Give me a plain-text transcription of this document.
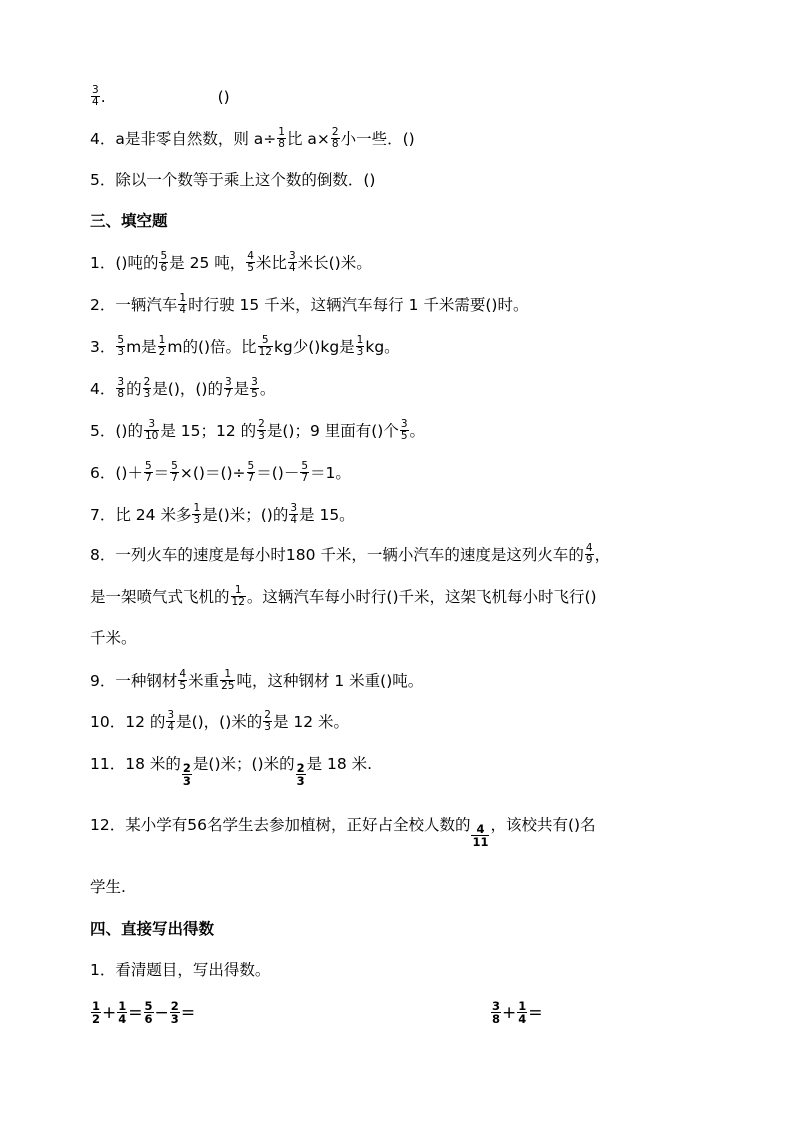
$\frac{3}{4}$ .	()
4．a是非零自然数，则 $a\div \frac{1}{8}$ 比 $a\times \frac{2}{8}$ 小一些．()
5．除以一个数等于乘上这个数的倒数．()
三、填空题
1．()吨的 $\frac{5}{6}$ 是 25 吨， $\frac{4}{5}$ 米比 $\frac{3}{4}$ 米长()米。
2．一辆汽车 $\frac{1}{4}$ 时行驶 15 千米，这辆汽车每行 1 千米需要()时。
3． $\frac{5}{3}$ m是 $\frac{1}{2}$ m的()倍。比 $\frac{5}{12}$ kg少()kg是 $\frac{1}{3}$ kg。
4． $\frac{3}{8}$ 的 $\frac{2}{3}$ 是()，()的 $\frac{3}{7}$ 是 $\frac{3}{5}$ 。
5．()的 $\frac{3}{10}$ 是 15；12 的 $\frac{2}{3}$ 是()；9 里面有()个 $\frac{3}{5}$ 。
6．()＋ $\frac{5}{7} = \frac{5}{7}$ ×()＝()÷ $\frac{5}{7}$ ＝()－ $\frac{5}{7} =1$。
7．比 24 米多 $\frac{1}{3}$ 是()米；()的 $\frac{3}{4}$ 是 15。
8．一列火车的速度是每小时180 千米，一辆小汽车的速度是这列火车的 $\frac{4}{9}$ ，
是一架喷气式飞机的 $\frac{1}{12}$ 。这辆汽车每小时行()千米，这架飞机每小时飞行()
千米。
9．一种钢材 $\frac{4}{5}$ 米重 $\frac{1}{25}$ 吨，这种钢材 1 米重()吨。
10．12 的 $\frac{3}{4}$ 是()，()米的 $\frac{2}{3}$ 是 12 米。
11．18 米的 $\frac{2}{3}$ 是()米；()米的 $\frac{2}{3}$ 是 18 米.
12．某小学有56名学生去参加植树，正好占全校人数的 $\frac{4}{11}$ ，该校共有()名
学生.
四、直接写出得数
1．看清题目，写出得数。
$\frac{1}{2} + \frac{1}{4} = \frac{5}{6} - \frac{2}{3}$ =	$\frac{3}{8} + \frac{1}{4}$ =
